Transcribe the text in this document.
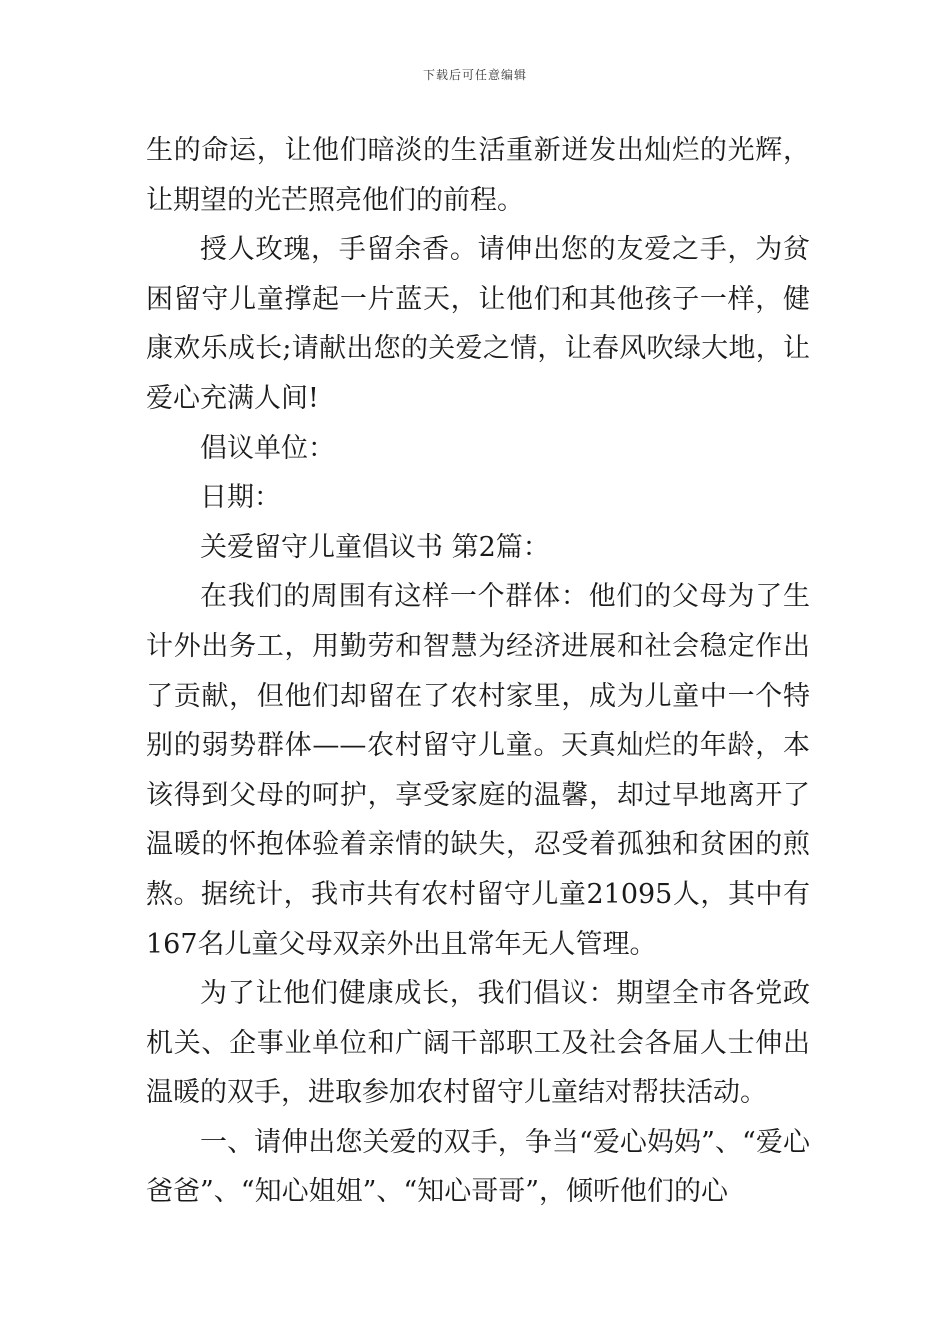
下载后可任意编辑

生的命运，让他们暗淡的生活重新迸发出灿烂的光辉，让期望的光芒照亮他们的前程。

授人玫瑰，手留余香。请伸出您的友爱之手，为贫困留守儿童撑起一片蓝天，让他们和其他孩子一样，健康欢乐成长;请献出您的关爱之情，让春风吹绿大地，让爱心充满人间!

倡议单位：

日期：

关爱留守儿童倡议书 第2篇：

在我们的周围有这样一个群体：他们的父母为了生计外出务工，用勤劳和智慧为经济进展和社会稳定作出了贡献，但他们却留在了农村家里，成为儿童中一个特别的弱势群体——农村留守儿童。天真灿烂的年龄，本该得到父母的呵护，享受家庭的温馨，却过早地离开了温暖的怀抱体验着亲情的缺失，忍受着孤独和贫困的煎熬。据统计，我市共有农村留守儿童21095人，其中有167名儿童父母双亲外出且常年无人管理。

为了让他们健康成长，我们倡议：期望全市各党政机关、企事业单位和广阔干部职工及社会各届人士伸出温暖的双手，进取参加农村留守儿童结对帮扶活动。

一、请伸出您关爱的双手，争当“爱心妈妈”、“爱心爸爸”、“知心姐姐”、“知心哥哥”，倾听他们的心
